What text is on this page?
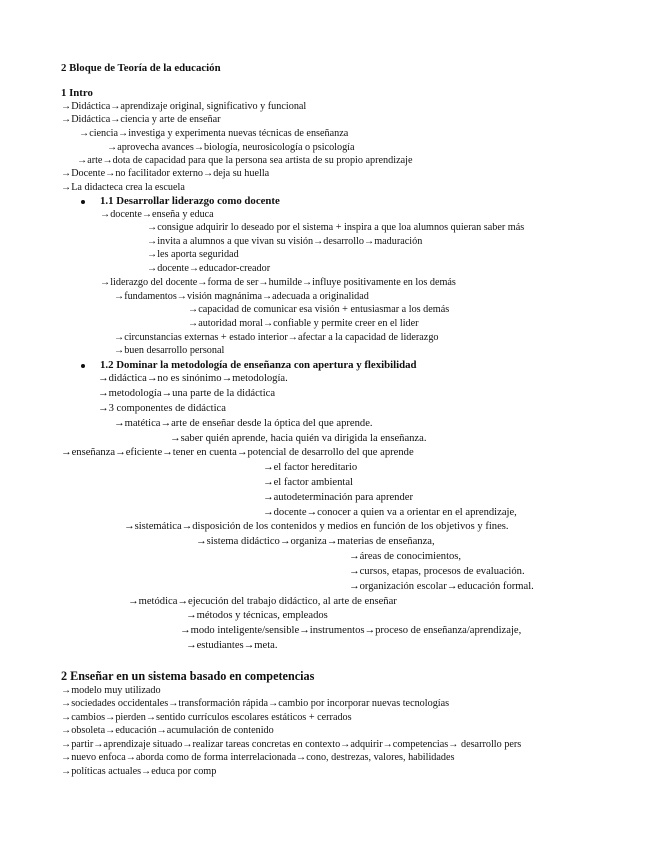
2 Bloque de Teoría de la educación
1 Intro
→Didáctica→aprendizaje original, significativo y funcional
→Didáctica→ciencia y arte de enseñar
→ciencia→investiga y experimenta nuevas técnicas de enseñanza
→aprovecha avances→biología, neurosicología o psicología
→arte→dota de capacidad para que la persona sea artista de su propio aprendizaje
→Docente→no facilitador externo→deja su huella
→La didacteca crea la escuela
1.1 Desarrollar liderazgo como docente
→docente→enseña y educa
→consigue adquirir lo deseado por el sistema + inspira a que loa alumnos quieran saber más
→invita a alumnos a que vivan su visión→desarrollo→maduración
→les aporta seguridad
→docente→educador-creador
→liderazgo del docente→forma de ser→humilde→influye positivamente en los demás
→fundamentos→visión magnánima→adecuada a originalidad
→capacidad de comunicar esa visión + entusiasmar a los demás
→autoridad moral→confiable y permite creer en el lider
→circunstancias externas + estado interior→afectar a la capacidad de liderazgo
→buen desarrollo personal
1.2 Dominar la metodología de enseñanza con apertura y flexibilidad
→didáctica→no es sinónimo→metodología.
→metodología→una parte de la didáctica
→3 componentes de didáctica
→matética→arte de enseñar desde la óptica del que aprende.
→saber quién aprende, hacia quién va dirigida la enseñanza.
→enseñanza→eficiente→tener en cuenta→potencial de desarrollo del que aprende
→el factor hereditario
→el factor ambiental
→autodeterminación para aprender
→docente→conocer a quien va a orientar en el aprendizaje,
→sistemática→disposición de los contenidos y medios en función de los objetivos y fines.
→sistema didáctico→organiza→materias de enseñanza,
→áreas de conocimientos,
→cursos, etapas, procesos de evaluación.
→organización escolar→educación formal.
→metódica→ejecución del trabajo didáctico, al arte de enseñar
→métodos y técnicas, empleados
→modo inteligente/sensible→instrumentos→proceso de enseñanza/aprendizaje,
→estudiantes→meta.
2 Enseñar en un sistema basado en competencias
→modelo muy utilizado
→sociedades occidentales→transformación rápida→cambio por incorporar nuevas tecnologías
→cambios→pierden→sentido currículos escolares estáticos + cerrados
→obsoleta→educación→acumulación de contenido
→partir→aprendizaje situado→realizar tareas concretas en contexto→adquirir→competencias→ desarrollo pers
→nuevo enfoca→aborda como de forma interrelacionada→cono, destrezas, valores, habilidades
→políticas actuales→educa por comp
